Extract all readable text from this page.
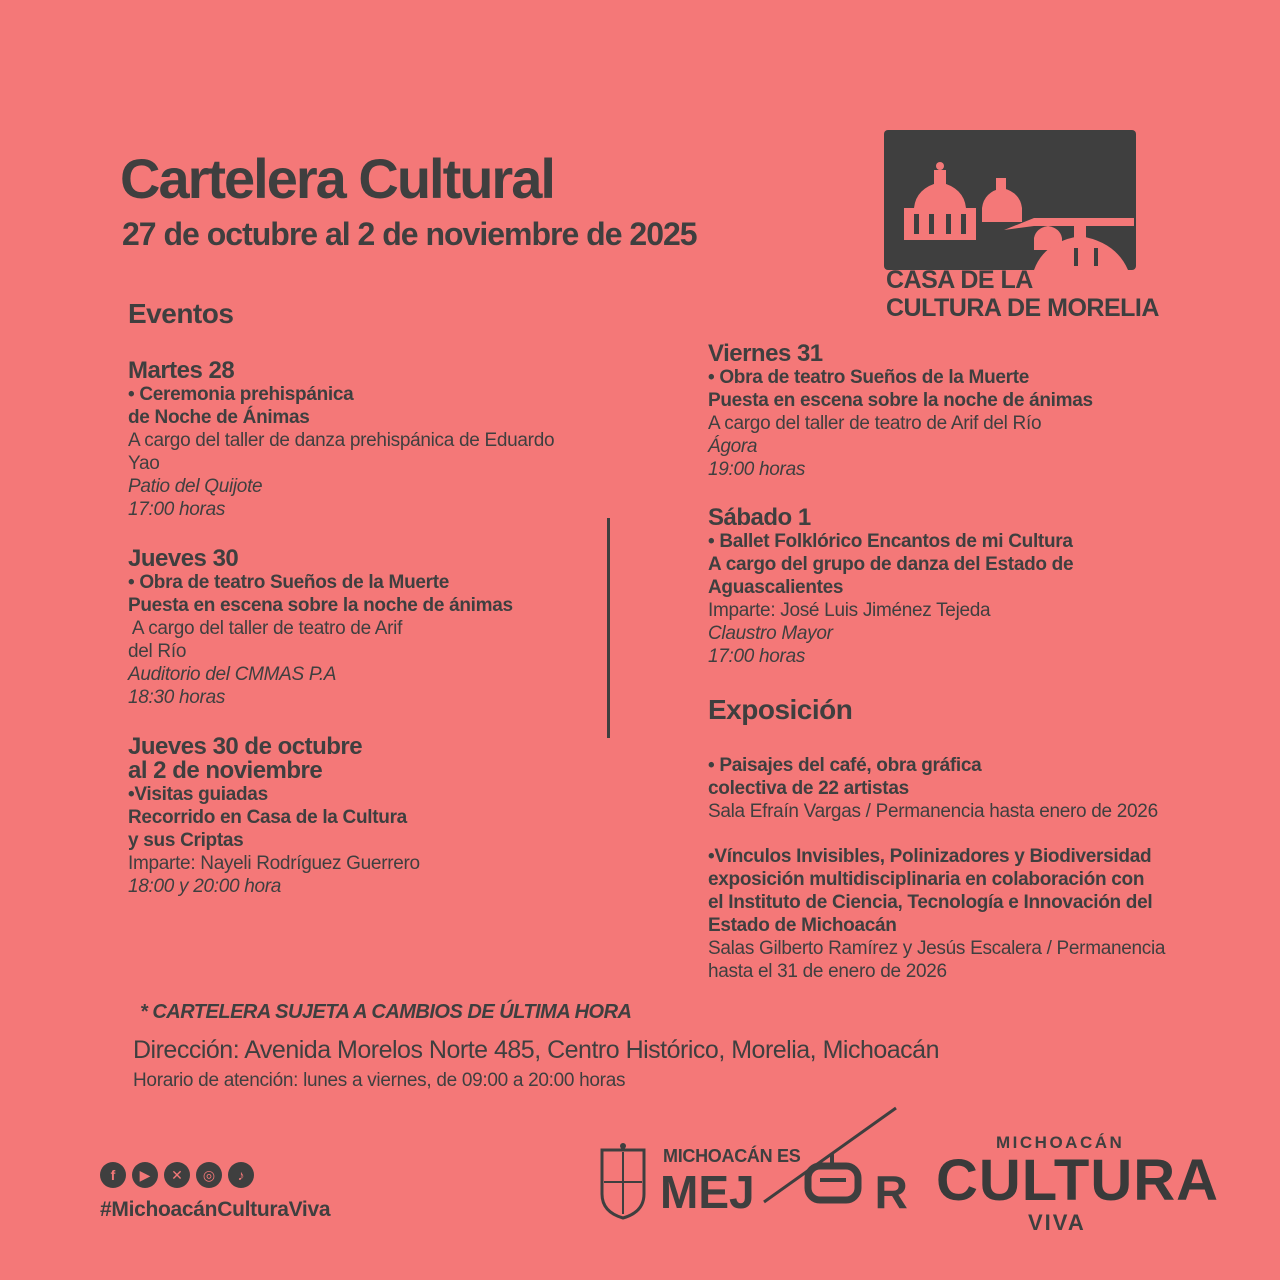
Cartelera Cultural
27 de octubre al 2 de noviembre de 2025
CASA DE LA
CULTURA DE MORELIA
Eventos
Martes 28
• Ceremonia prehispánica
de Noche de Ánimas
A cargo del taller de danza prehispánica de Eduardo
Yao
Patio del Quijote
17:00 horas
Jueves 30
• Obra de teatro Sueños de la Muerte
Puesta en escena sobre la noche de ánimas
A cargo del taller de teatro de Arif
del Río
Auditorio del CMMAS P.A
18:30 horas
Jueves 30 de octubre
al 2 de noviembre
•Visitas guiadas
Recorrido en Casa de la Cultura
y sus Criptas
Imparte: Nayeli Rodríguez Guerrero
18:00 y 20:00 hora
Viernes 31
• Obra de teatro Sueños de la Muerte
Puesta en escena sobre la noche de ánimas
A cargo del taller de teatro de Arif del Río
Ágora
19:00 horas
Sábado 1
• Ballet Folklórico Encantos de mi Cultura
A cargo del grupo de danza del Estado de
Aguascalientes
Imparte: José Luis Jiménez Tejeda
Claustro Mayor
17:00 horas
Exposición
• Paisajes del café, obra gráfica
colectiva de 22 artistas
Sala Efraín Vargas / Permanencia hasta enero de 2026
•Vínculos Invisibles, Polinizadores y Biodiversidad
exposición multidisciplinaria en colaboración con
el Instituto de Ciencia, Tecnología e Innovación del
Estado de Michoacán
Salas Gilberto Ramírez y Jesús Escalera / Permanencia
hasta el 31 de enero de 2026
* CARTELERA SUJETA A CAMBIOS DE ÚLTIMA HORA
Dirección: Avenida Morelos Norte 485, Centro Histórico, Morelia, Michoacán
Horario de atención: lunes a viernes, de 09:00 a 20:00 horas
f	▶	✕	◎	♪
#MichoacánCulturaViva
MICHOACÁN ES
MEJ	R
MICHOACÁN
CULTURA
VIVA
